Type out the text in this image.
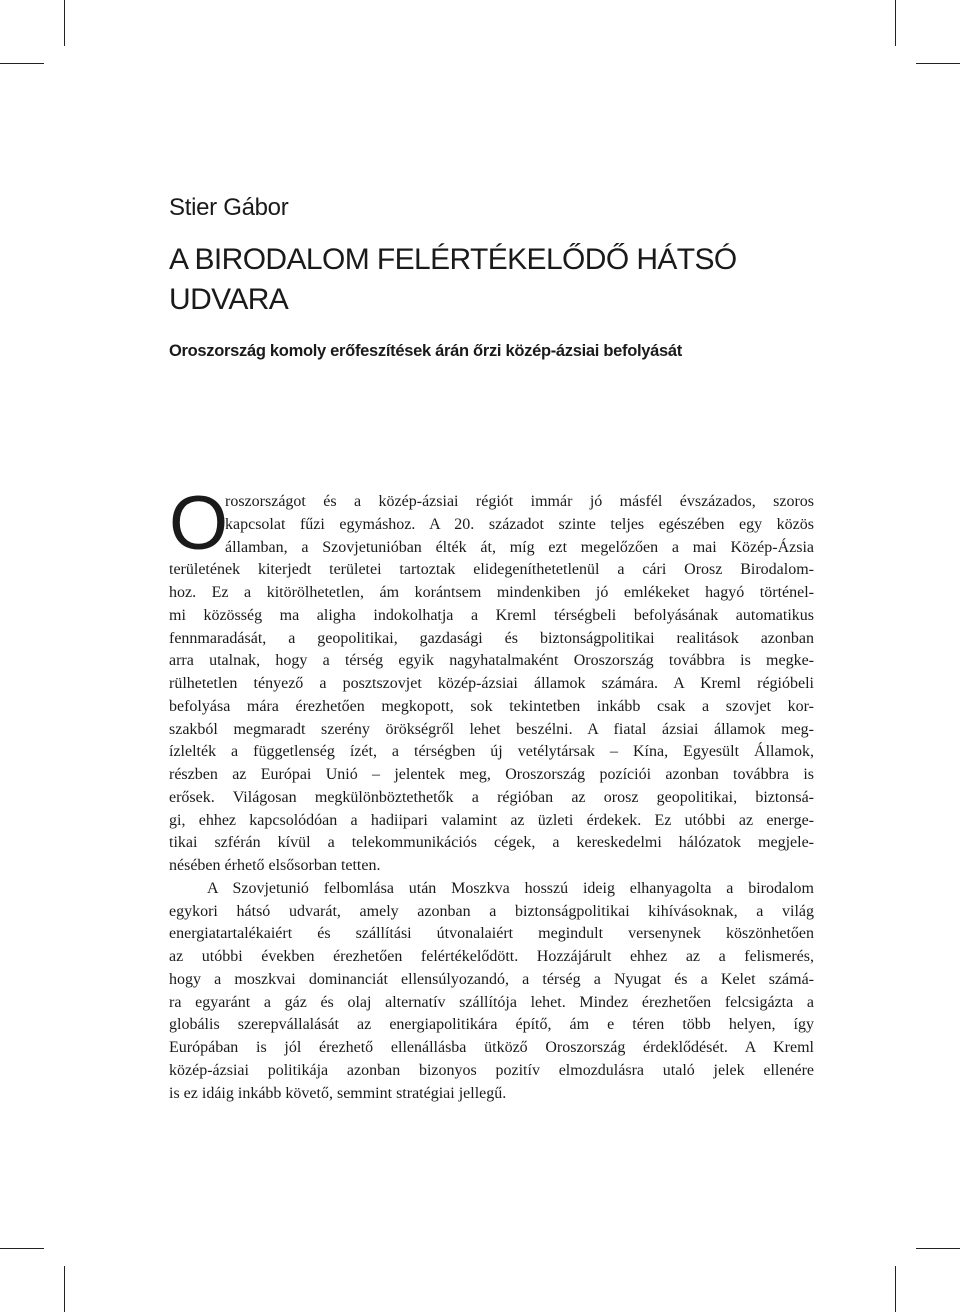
Stier Gábor
A BIRODALOM FELÉRTÉKELŐDŐ HÁTSÓ
UDVARA
Oroszország komoly erőfeszítések árán őrzi közép-ázsiai befolyását
O
roszországot és a közép-ázsiai régiót immár jó másfél évszázados, szoros
kapcsolat fűzi egymáshoz. A 20. századot szinte teljes egészében egy közös
államban, a Szovjetunióban élték át, míg ezt megelőzően a mai Közép-Ázsia
területének kiterjedt területei tartoztak elidegeníthetetlenül a cári Orosz Birodalom-
hoz. Ez a kitörölhetetlen, ám korántsem mindenkiben jó emlékeket hagyó történel-
mi közösség ma aligha indokolhatja a Kreml térségbeli befolyásának automatikus
fennmaradását, a geopolitikai, gazdasági és biztonságpolitikai realitások azonban
arra utalnak, hogy a térség egyik nagyhatalmaként Oroszország továbbra is megke-
rülhetetlen tényező a posztszovjet közép-ázsiai államok számára. A Kreml régióbeli
befolyása mára érezhetően megkopott, sok tekintetben inkább csak a szovjet kor-
szakból megmaradt szerény örökségről lehet beszélni. A fiatal ázsiai államok meg-
ízlelték a függetlenség ízét, a térségben új vetélytársak – Kína, Egyesült Államok,
részben az Európai Unió – jelentek meg, Oroszország pozíciói azonban továbbra is
erősek. Világosan megkülönböztethetők a régióban az orosz geopolitikai, biztonsá-
gi, ehhez kapcsolódóan a hadiipari valamint az üzleti érdekek. Ez utóbbi az energe-
tikai szférán kívül a telekommunikációs cégek, a kereskedelmi hálózatok megjele-
nésében érhető elsősorban tetten.
A Szovjetunió felbomlása után Moszkva hosszú ideig elhanyagolta a birodalom
egykori hátsó udvarát, amely azonban a biztonságpolitikai kihívásoknak, a világ
energiatartalékaiért és szállítási útvonalaiért megindult versenynek köszönhetően
az utóbbi években érezhetően felértékelődött. Hozzájárult ehhez az a felismerés,
hogy a moszkvai dominanciát ellensúlyozandó, a térség a Nyugat és a Kelet számá-
ra egyaránt a gáz és olaj alternatív szállítója lehet. Mindez érezhetően felcsigázta a
globális szerepvállalását az energiapolitikára építő, ám e téren több helyen, így
Európában is jól érezhető ellenállásba ütköző Oroszország érdeklődését. A Kreml
közép-ázsiai politikája azonban bizonyos pozitív elmozdulásra utaló jelek ellenére
is ez idáig inkább követő, semmint stratégiai jellegű.
